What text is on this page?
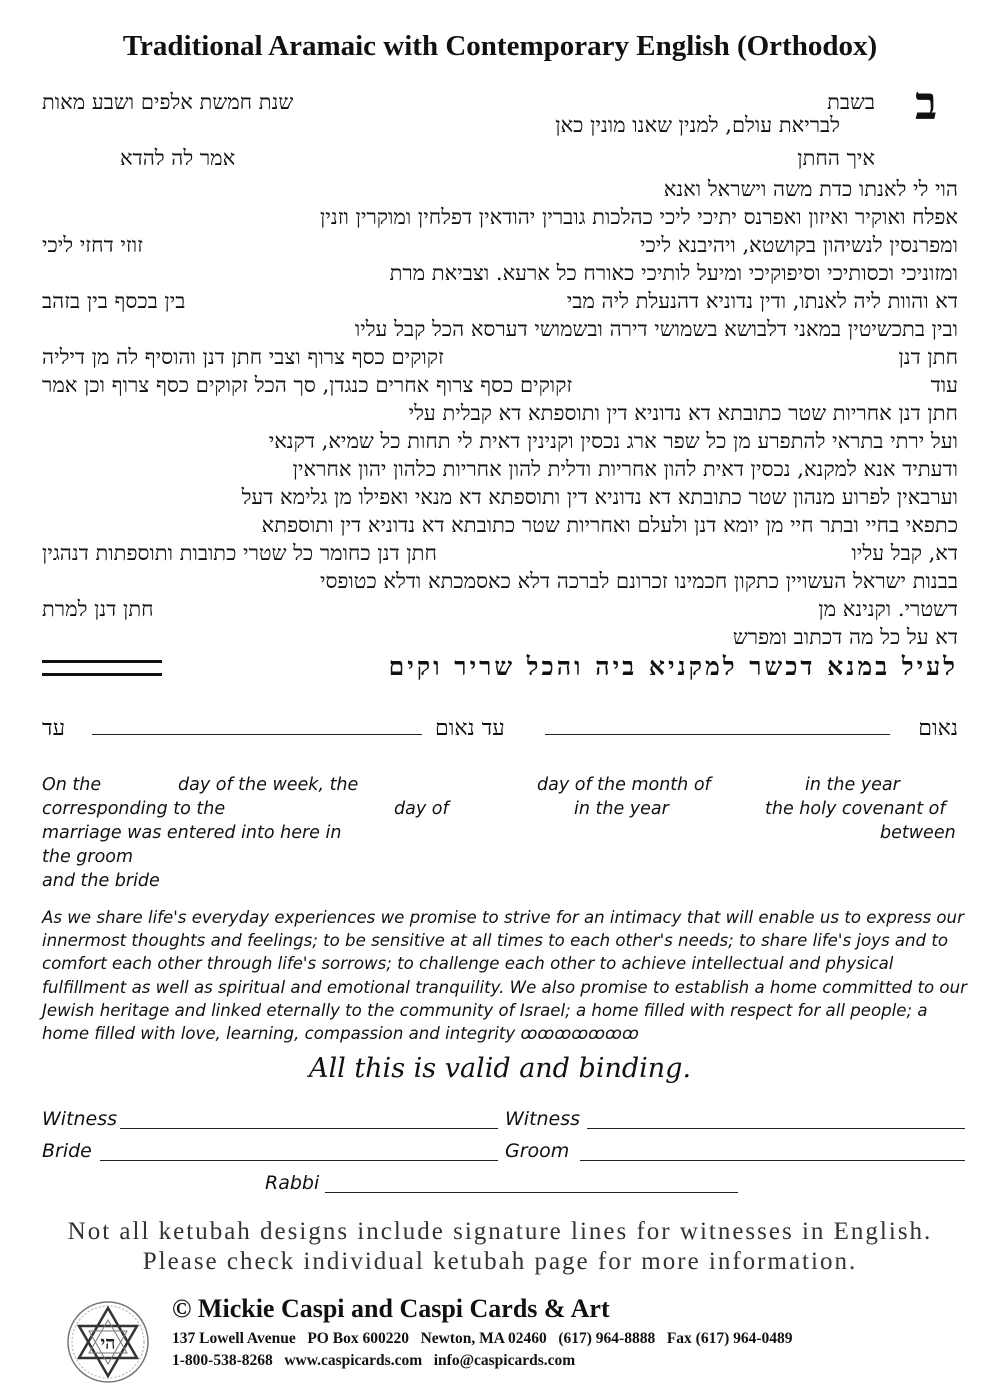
Traditional Aramaic with Contemporary English (Orthodox)
ב
בשבת
שנת חמשת אלפים ושבע מאות
לבריאת עולם, למנין שאנו מונין כאן
איך החתן
אמר לה להדא
הוי לי לאנתו כדת משה וישראל ואנא
אפלח ואוקיר ואיזון ואפרנס יתיכי ליכי כהלכות גוברין יהודאין דפלחין ומוקרין וזנין
ומפרנסין לנשיהון בקושטא, ויהיבנא ליכי
זוזי דחזי ליכי
ומזוניכי וכסותיכי וסיפוקיכי ומיעל לותיכי כאורח כל ארעא. וצביאת מרת
דא והוות ליה לאנתו, ודין נדוניא דהנעלת ליה מבי
בין בכסף בין בזהב
ובין בתכשיטין במאני דלבושא בשמושי דירה ובשמושי דערסא הכל קבל עליו
חתן דנן
זקוקים כסף צרוף וצבי חתן דנן והוסיף לה מן דיליה
עוד
זקוקים כסף צרוף אחרים כנגדן, סך הכל זקוקים כסף צרוף וכן אמר
חתן דנן אחריות שטר כתובתא דא נדוניא דין ותוספתא דא קבלית עלי
ועל ירתי בתראי להתפרע מן כל שפר ארג נכסין וקנינין דאית לי תחות כל שמיא, דקנאי
ודעתיד אנא למקנא, נכסין דאית להון אחריות ודלית להון אחריות כלהון יהון אחראין
וערבאין לפרוע מנהון שטר כתובתא דא נדוניא דין ותוספתא דא מנאי ואפילו מן גלימא דעל
כתפאי בחיי ובתר חיי מן יומא דנן ולעלם ואחריות שטר כתובתא דא נדוניא דין ותוספתא
דא, קבל עליו
חתן דנן כחומר כל שטרי כתובות ותוספתות דנהגין
בבנות ישראל העשויין כתקון חכמינו זכרונם לברכה דלא כאסמכתא ודלא כטופסי
דשטרי. וקנינא מן
חתן דנן למרת
דא על כל מה דכתוב ומפרש
לעיל במנא דכשר למקניא ביה והכל שריר וקים
נאום
עד נאום
עד
On the	day of the week, the	day of the month of	in the year
corresponding to the	day of	in the year	the holy covenant of
marriage was entered into here in	between
the groom
and the bride
As we share life's everyday experiences we promise to strive for an intimacy that will enable us to express our innermost thoughts and feelings; to be sensitive at all times to each other's needs; to share life's joys and to comfort each other through life's sorrows; to challenge each other to achieve intellectual and physical fulfillment as well as spiritual and emotional tranquility. We also promise to establish a home committed to our Jewish heritage and linked eternally to the community of Israel; a home filled with respect for all people; a home filled with love, learning, compassion and integrity ꝏꝏꝏꝏꝏꝏꝏ
All this is valid and binding.
Witness	Witness
Bride	Groom
Rabbi
Not all ketubah designs include signature lines for witnesses in English.
Please check individual ketubah page for more information.
הי
© Mickie Caspi and Caspi Cards & Art
137 Lowell Avenue   PO Box 600220   Newton, MA 02460   (617) 964-8888   Fax (617) 964-0489
1-800-538-8268   www.caspicards.com   info@caspicards.com
